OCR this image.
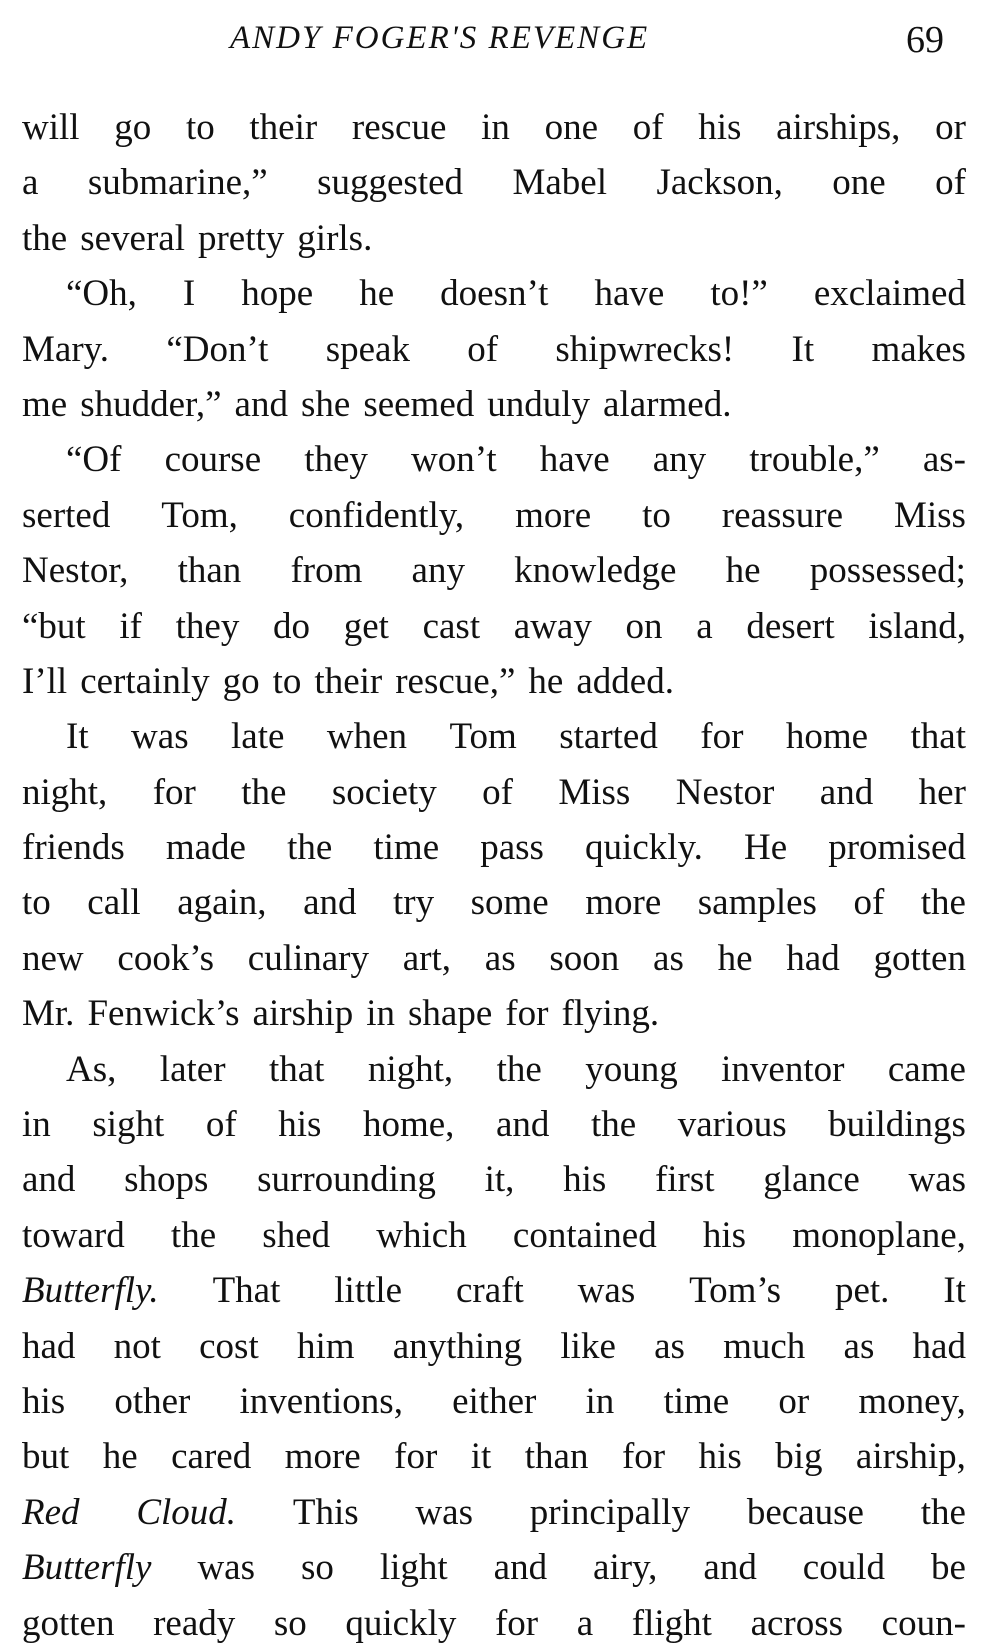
ANDY FOGER'S REVENGE	69
will go to their rescue in one of his airships, or
a submarine,” suggested Mabel Jackson, one of
the several pretty girls.
“Oh, I hope he doesn’t have to!” exclaimed
Mary. “Don’t speak of shipwrecks! It makes
me shudder,” and she seemed unduly alarmed.
“Of course they won’t have any trouble,” as-
serted Tom, confidently, more to reassure Miss
Nestor, than from any knowledge he possessed;
“but if they do get cast away on a desert island,
I’ll certainly go to their rescue,” he added.
It was late when Tom started for home that
night, for the society of Miss Nestor and her
friends made the time pass quickly. He promised
to call again, and try some more samples of the
new cook’s culinary art, as soon as he had gotten
Mr. Fenwick’s airship in shape for flying.
As, later that night, the young inventor came
in sight of his home, and the various buildings
and shops surrounding it, his first glance was
toward the shed which contained his monoplane,
Butterfly. That little craft was Tom’s pet. It
had not cost him anything like as much as had
his other inventions, either in time or money,
but he cared more for it than for his big airship,
Red Cloud. This was principally because the
Butterfly was so light and airy, and could be
gotten ready so quickly for a flight across coun-
